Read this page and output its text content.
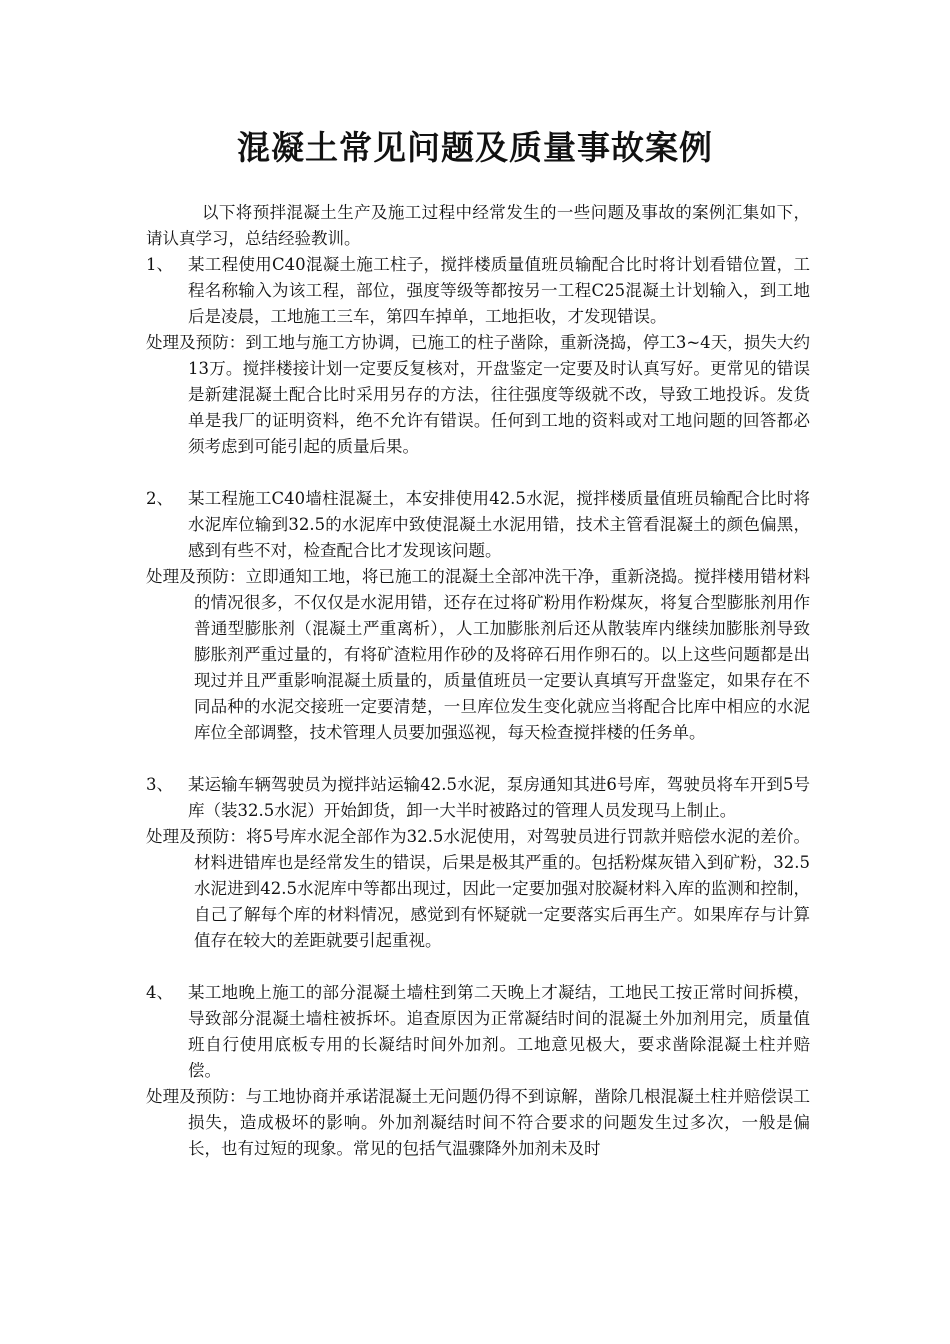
混凝土常见问题及质量事故案例

以下将预拌混凝土生产及施工过程中经常发生的一些问题及事故的案例汇集如下，请认真学习，总结经验教训。

1、 某工程使用C40混凝土施工柱子，搅拌楼质量值班员输配合比时将计划看错位置，工程名称输入为该工程，部位，强度等级等都按另一工程C25混凝土计划输入，到工地后是凌晨，工地施工三车，第四车掉单，工地拒收，才发现错误。

处理及预防：到工地与施工方协调，已施工的柱子凿除，重新浇捣，停工3~4天，损失大约13万。搅拌楼接计划一定要反复核对，开盘鉴定一定要及时认真写好。更常见的错误是新建混凝土配合比时采用另存的方法，往往强度等级就不改，导致工地投诉。发货单是我厂的证明资料，绝不允许有错误。任何到工地的资料或对工地问题的回答都必须考虑到可能引起的质量后果。

2、 某工程施工C40墙柱混凝土，本安排使用42.5水泥，搅拌楼质量值班员输配合比时将水泥库位输到32.5的水泥库中致使混凝土水泥用错，技术主管看混凝土的颜色偏黑，感到有些不对，检查配合比才发现该问题。

处理及预防：立即通知工地，将已施工的混凝土全部冲洗干净，重新浇捣。搅拌楼用错材料的情况很多，不仅仅是水泥用错，还存在过将矿粉用作粉煤灰，将复合型膨胀剂用作普通型膨胀剂（混凝土严重离析），人工加膨胀剂后还从散装库内继续加膨胀剂导致膨胀剂严重过量的，有将矿渣粒用作砂的及将碎石用作卵石的。以上这些问题都是出现过并且严重影响混凝土质量的，质量值班员一定要认真填写开盘鉴定，如果存在不同品种的水泥交接班一定要清楚，一旦库位发生变化就应当将配合比库中相应的水泥库位全部调整，技术管理人员要加强巡视，每天检查搅拌楼的任务单。

3、 某运输车辆驾驶员为搅拌站运输42.5水泥，泵房通知其进6号库，驾驶员将车开到5号库（装32.5水泥）开始卸货，卸一大半时被路过的管理人员发现马上制止。

处理及预防：将5号库水泥全部作为32.5水泥使用，对驾驶员进行罚款并赔偿水泥的差价。材料进错库也是经常发生的错误，后果是极其严重的。包括粉煤灰错入到矿粉，32.5水泥进到42.5水泥库中等都出现过，因此一定要加强对胶凝材料入库的监测和控制，自己了解每个库的材料情况，感觉到有怀疑就一定要落实后再生产。如果库存与计算值存在较大的差距就要引起重视。

4、 某工地晚上施工的部分混凝土墙柱到第二天晚上才凝结，工地民工按正常时间拆模，导致部分混凝土墙柱被拆坏。追查原因为正常凝结时间的混凝土外加剂用完，质量值班自行使用底板专用的长凝结时间外加剂。工地意见极大，要求凿除混凝土柱并赔偿。

处理及预防：与工地协商并承诺混凝土无问题仍得不到谅解，凿除几根混凝土柱并赔偿误工损失，造成极坏的影响。外加剂凝结时间不符合要求的问题发生过多次，一般是偏长，也有过短的现象。常见的包括气温骤降外加剂未及时
